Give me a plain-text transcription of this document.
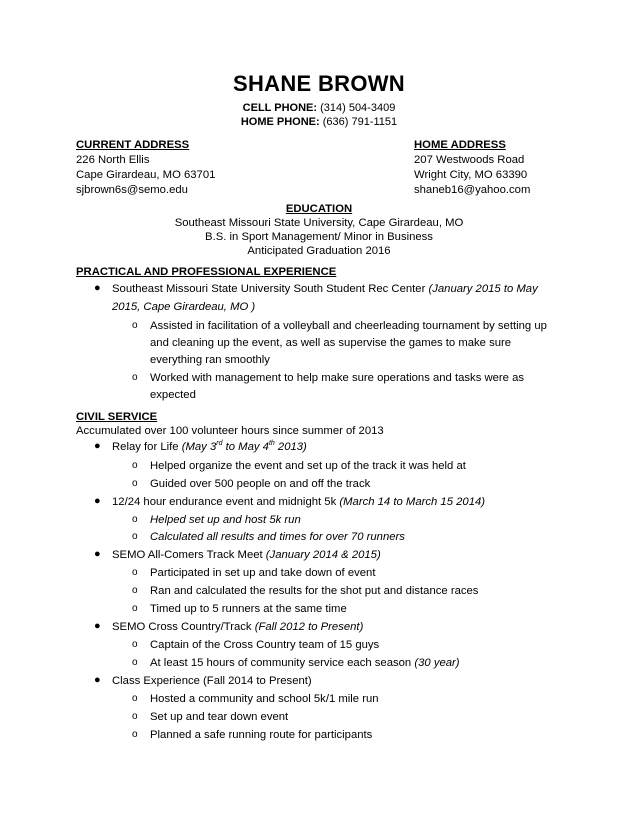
SHANE BROWN
CELL PHONE: (314) 504-3409
HOME PHONE: (636) 791-1151
CURRENT ADDRESS
226 North Ellis
Cape Girardeau, MO 63701
sjbrown6s@semo.edu
HOME ADDRESS
207 Westwoods Road
Wright City, MO 63390
shaneb16@yahoo.com
EDUCATION
Southeast Missouri State University, Cape Girardeau, MO
B.S. in Sport Management/ Minor in Business
Anticipated Graduation 2016
PRACTICAL AND PROFESSIONAL EXPERIENCE
● Southeast Missouri State University South Student Rec Center (January 2015 to May
2015, Cape Girardeau, MO )
o Assisted in facilitation of a volleyball and cheerleading tournament by setting up
and cleaning up the event, as well as supervise the games to make sure
everything ran smoothly
o Worked with management to help make sure operations and tasks were as
expected
CIVIL SERVICE
Accumulated over 100 volunteer hours since summer of 2013
● Relay for Life (May 3rd to May 4th 2013)
o Helped organize the event and set up of the track it was held at
o Guided over 500 people on and off the track
● 12/24 hour endurance event and midnight 5k (March 14 to March 15 2014)
o Helped set up and host 5k run
o Calculated all results and times for over 70 runners
● SEMO All-Comers Track Meet (January 2014 & 2015)
o Participated in set up and take down of event
o Ran and calculated the results for the shot put and distance races
o Timed up to 5 runners at the same time
● SEMO Cross Country/Track (Fall 2012 to Present)
o Captain of the Cross Country team of 15 guys
o At least 15 hours of community service each season (30 year)
● Class Experience (Fall 2014 to Present)
o Hosted a community and school 5k/1 mile run
o Set up and tear down event
o Planned a safe running route for participants
